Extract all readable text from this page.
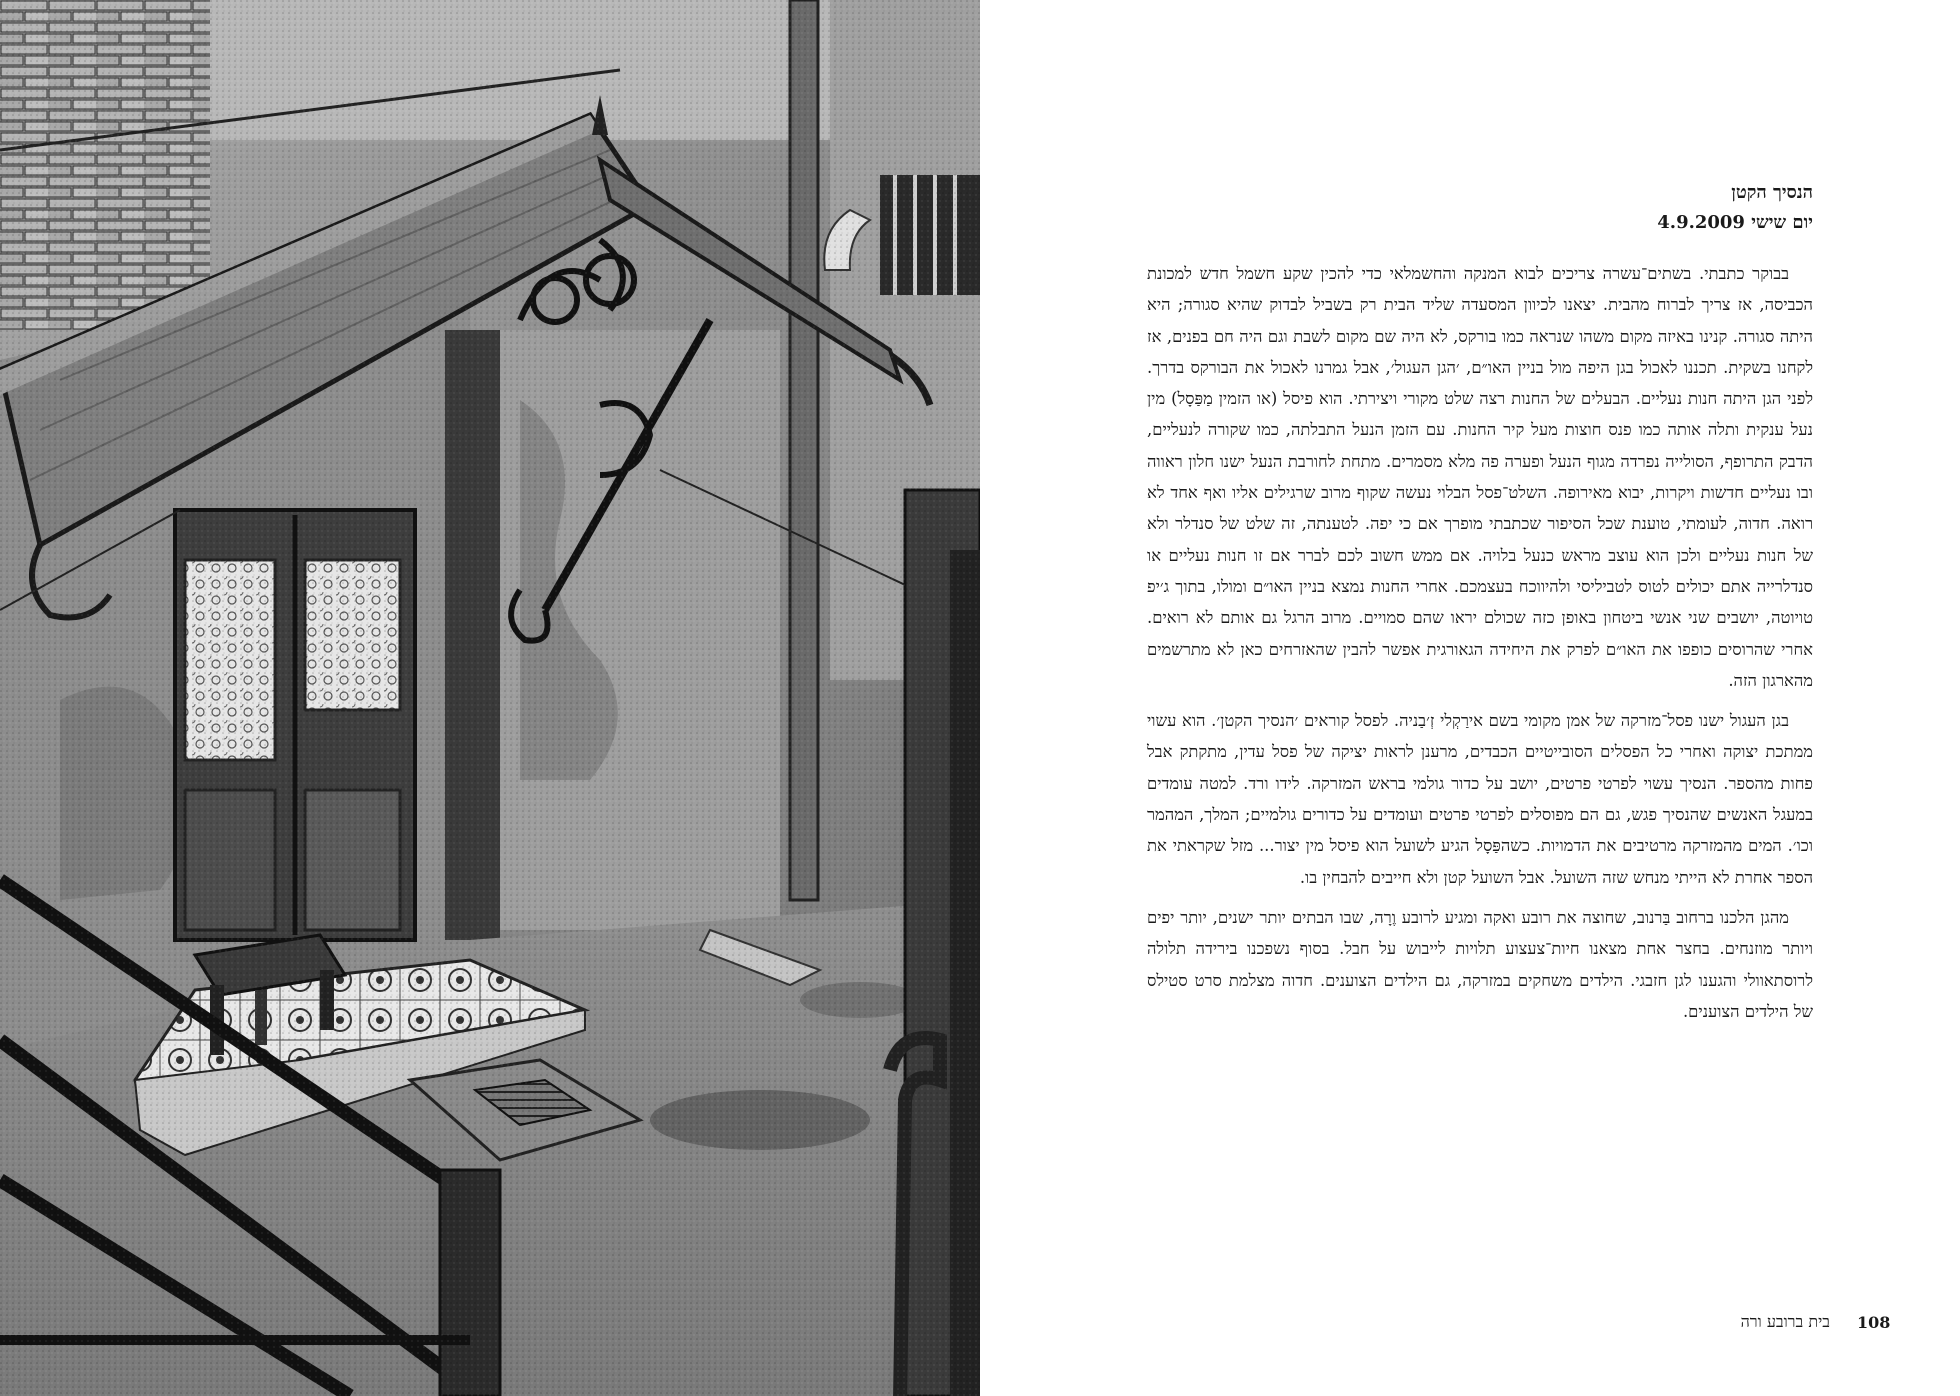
הנסיך הקטן

יום שישי 4.9.2009

בבוקר כתבתי. בשתים־עשרה צריכים לבוא המנקה והחשמלאי כדי להכין שקע חשמל חדש למכונת הכביסה, אז צריך לברוח מהבית. יצאנו לכיוון המסעדה שליד הבית רק בשביל לבדוק שהיא סגורה; היא היתה סגורה. קנינו באיזה מקום משהו שנראה כמו בורקס, לא היה שם מקום לשבת וגם היה חם בפנים, אז לקחנו בשקית. תכננו לאכול בגן היפה מול בניין האו״ם, ׳הגן העגול׳, אבל גמרנו לאכול את הבורקס בדרך. לפני הגן היתה חנות נעליים. הבעלים של החנות רצה שלט מקורי ויצירתי. הוא פיסל (או הזמין מַפַּסָל) מין נעל ענקית ותלה אותה כמו פנס חוצות מעל קיר החנות. עם הזמן הנעל התבלתה, כמו שקורה לנעליים, הדבק התרופף, הסולייה נפרדה מגוף הנעל ופערה פה מלא מסמרים. מתחת לחורבת הנעל ישנו חלון ראווה ובו נעליים חדשות ויקרות, יבוא מאירופה. השלט־פסל הבלוי נעשה שקוף מרוב שרגילים אליו ואף אחד לא רואה. חדוה, לעומתי, טוענת שכל הסיפור שכתבתי מופרך אם כי יפה. לטענתה, זה שלט של סנדלר ולא של חנות נעליים ולכן הוא עוצב מראש כנעל בלויה. אם ממש חשוב לכם לברר אם זו חנות נעליים או סנדלרייה אתם יכולים לטוס לטביליסי ולהיווכח בעצמכם. אחרי החנות נמצא בניין האו״ם ומולו, בתוך ג׳יפ טויוטה, יושבים שני אנשי ביטחון באופן כזה שכולם יראו שהם סמויים. מרוב הרגל גם אותם לא רואים. אחרי שהרוסים כופפו את האו״ם לפרק את היחידה הגאורגית אפשר להבין שהאזרחים כאן לא מתרשמים מהארגון הזה.

בגן העגול ישנו פסל־מזרקה של אמן מקומי בשם אירַקְלי זְ׳בַניה. לפסל קוראים ׳הנסיך הקטן׳. הוא עשוי ממתכת יצוקה ואחרי כל הפסלים הסובייטיים הכבדים, מרענן לראות יציקה של פסל עדין, מתקתק אבל פחות מהספר. הנסיך עשוי לפרטי פרטים, יושב על כדור גולמי בראש המזרקה. לידו ורד. למטה עומדים במעגל האנשים שהנסיך פגש, גם הם מפוסלים לפרטי פרטים ועומדים על כדורים גולמיים; המלך, המהמר וכו׳. המים מהמזרקה מרטיבים את הדמויות. כשהפַּסָל הגיע לשועל הוא פיסל מין יצור... מזל שקראתי את הספר אחרת לא הייתי מנחש שזה השועל. אבל השועל קטן ולא חייבים להבחין בו.

מהגן הלכנו ברחוב בַּרנוב, שחוצה את רובע ואקה ומגיע לרובע וֶרָה, שבו הבתים יותר ישנים, יותר יפים ויותר מוזנחים. בחצר אחת מצאנו חיות־צעצוע תלויות לייבוש על חבל. בסוף נשפכנו בירידה תלולה לרוסתאוולי והגענו לגן חזבגי. הילדים משחקים במזרקה, גם הילדים הצוענים. חדוה מצלמת סרט סטילס של הילדים הצוענים.

בית ברובע ורה 108
